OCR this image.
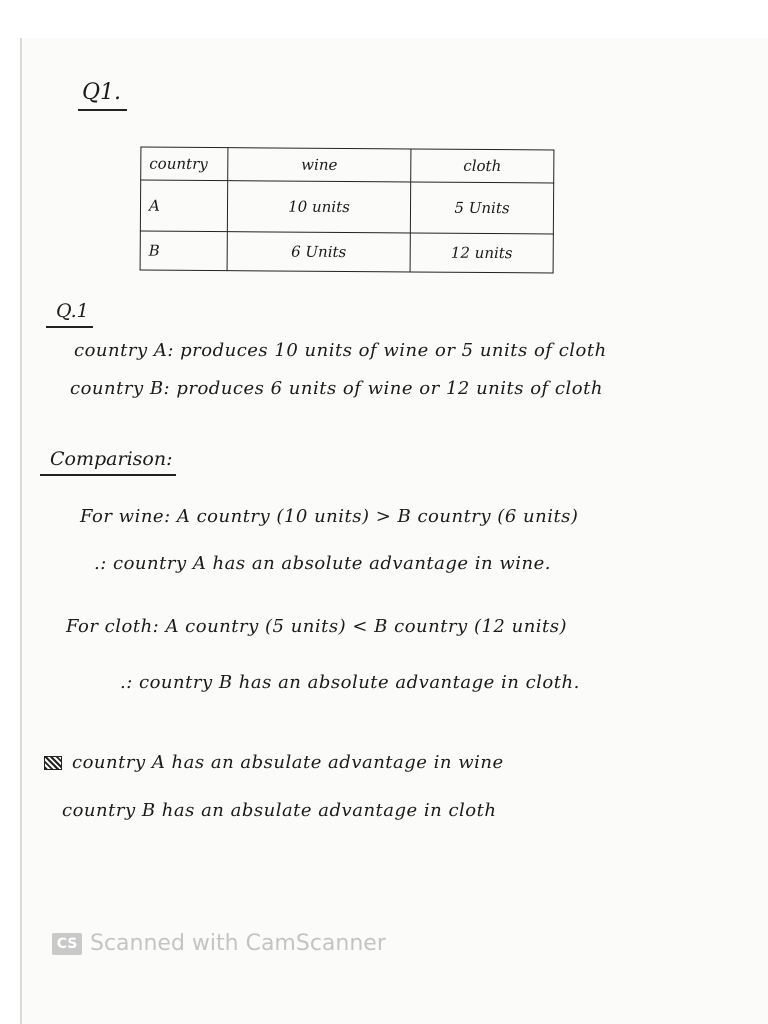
Q1.
country	wine	cloth
A	10 units	5 Units
B	6 Units	12 units
Q.1
country A: produces 10 units of wine or 5 units of cloth
country B: produces 6 units of wine or 12 units of cloth
Comparison:
For wine: A country (10 units) > B country (6 units)
.: country A has an absolute advantage in wine.
For cloth: A country (5 units) < B country (12 units)
.: country B has an absolute advantage in cloth.
country A has an absulate advantage in wine
country B has an absulate advantage in cloth
CS Scanned with CamScanner
